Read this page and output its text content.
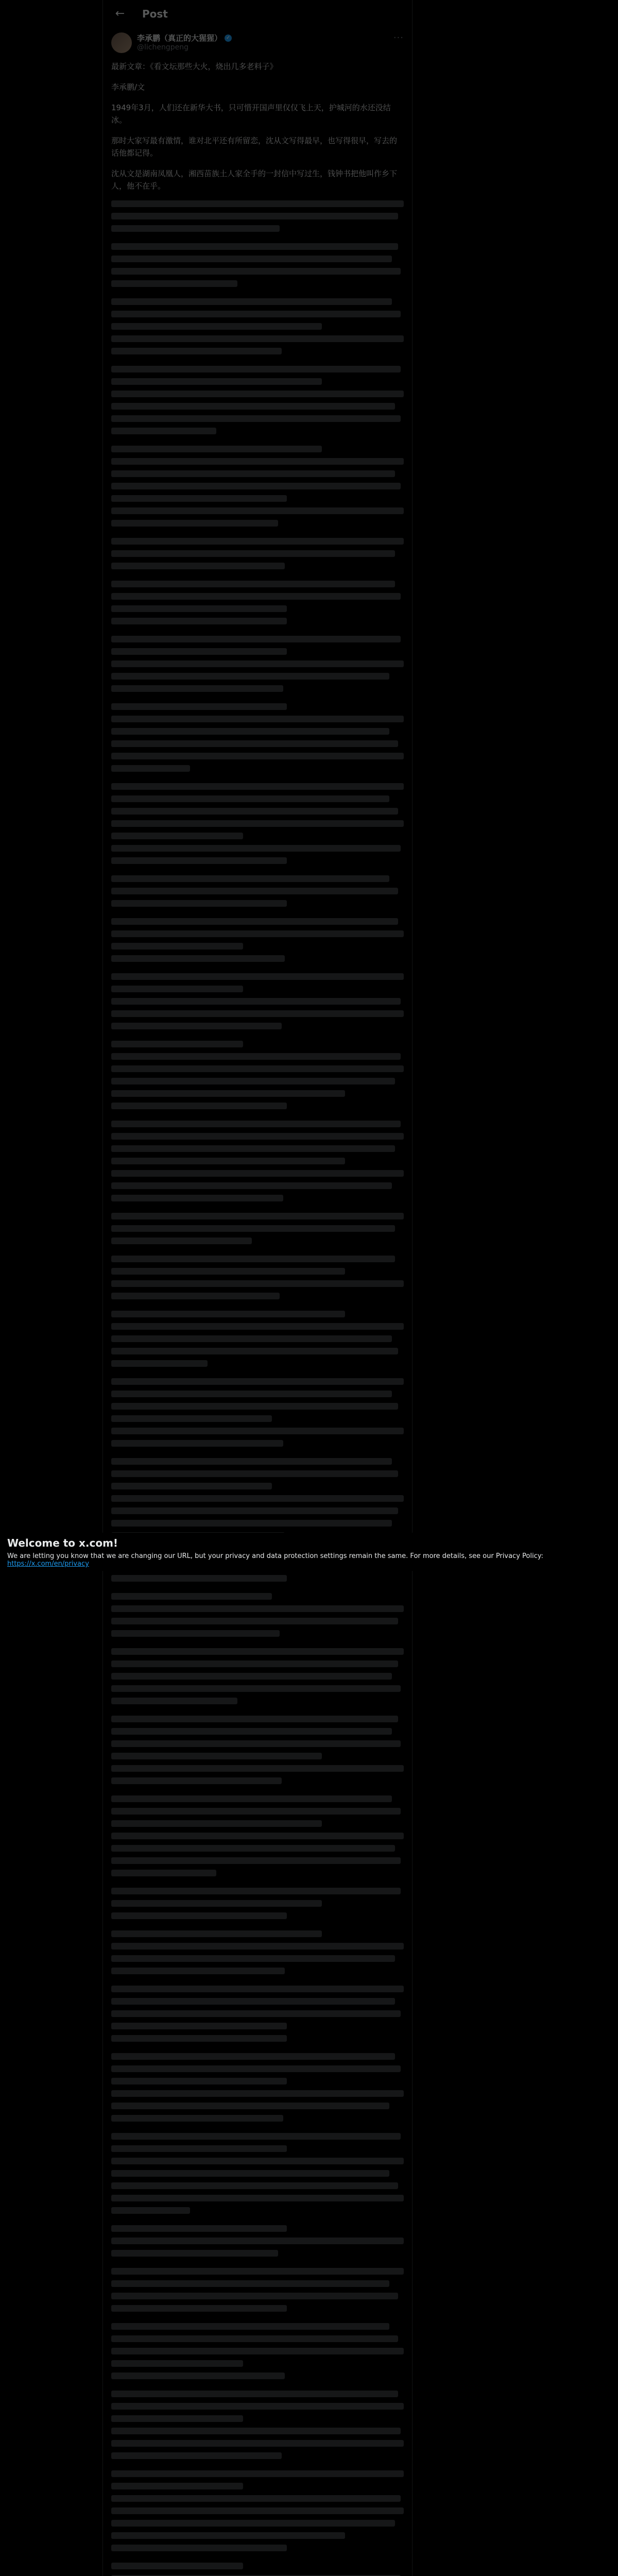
Welcome to x.com!
We are letting you know that we are changing our URL, but your privacy and data protection settings remain the same. For more details, see our Privacy Policy: https://x.com/en/privacy
